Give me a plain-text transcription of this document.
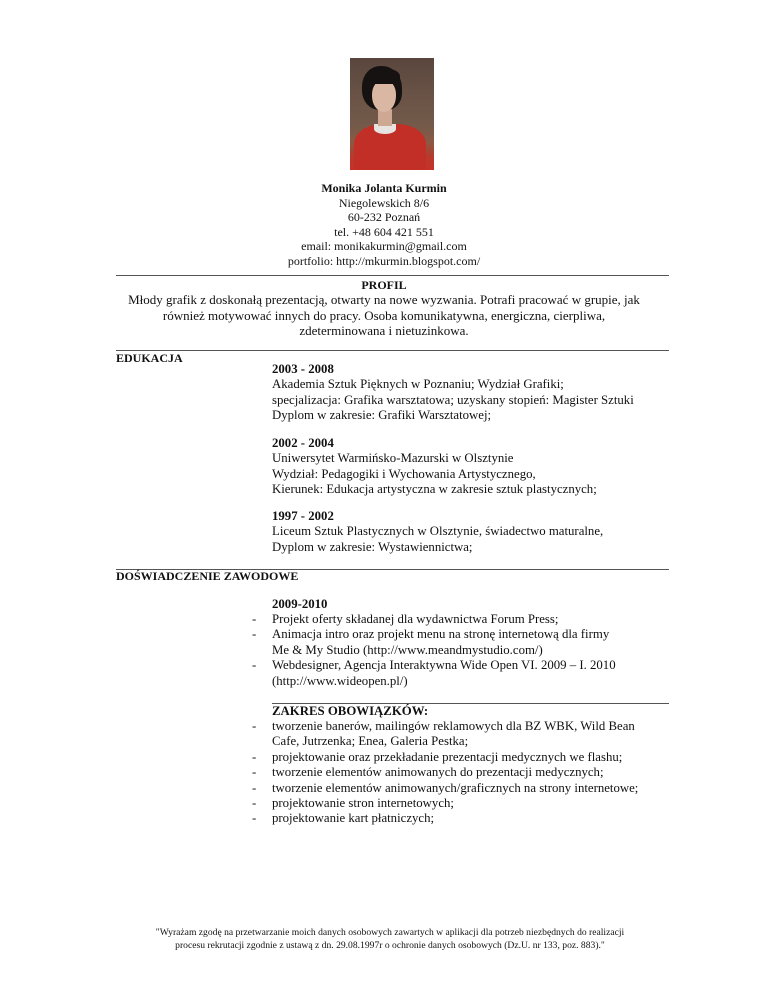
Monika Jolanta Kurmin
Niegolewskich 8/6
60-232 Poznań
tel. +48 604 421 551
email: monikakurmin@gmail.com
portfolio: http://mkurmin.blogspot.com/
PROFIL
Młody grafik z doskonałą prezentacją, otwarty na nowe wyzwania. Potrafi pracować w grupie, jak
również motywować innych do pracy. Osoba komunikatywna, energiczna, cierpliwa,
zdeterminowana i nietuzinkowa.
EDUKACJA
2003 - 2008
Akademia Sztuk Pięknych w Poznaniu; Wydział Grafiki;
specjalizacja: Grafika warsztatowa; uzyskany stopień: Magister Sztuki
Dyplom w zakresie: Grafiki Warsztatowej;
2002 - 2004
Uniwersytet Warmińsko-Mazurski w Olsztynie
Wydział: Pedagogiki i Wychowania Artystycznego,
Kierunek: Edukacja artystyczna w zakresie sztuk plastycznych;
1997 - 2002
Liceum Sztuk Plastycznych w Olsztynie, świadectwo maturalne,
Dyplom w zakresie: Wystawiennictwa;
DOŚWIADCZENIE ZAWODOWE
2009-2010
-	Projekt oferty składanej dla wydawnictwa Forum Press;
-	Animacja intro oraz projekt menu na stronę internetową dla firmy
Me & My Studio (http://www.meandmystudio.com/)
-	Webdesigner, Agencja Interaktywna Wide Open VI. 2009 – I. 2010
(http://www.wideopen.pl/)
ZAKRES OBOWIĄZKÓW:
-	tworzenie banerów, mailingów reklamowych dla BZ WBK, Wild Bean
Cafe, Jutrzenka; Enea, Galeria Pestka;
-	projektowanie oraz przekładanie prezentacji medycznych we flashu;
-	tworzenie elementów animowanych do prezentacji medycznych;
-	tworzenie elementów animowanych/graficznych na strony internetowe;
-	projektowanie stron internetowych;
-	projektowanie kart płatniczych;
"Wyrażam zgodę na przetwarzanie moich danych osobowych zawartych w aplikacji dla potrzeb niezbędnych do realizacji
procesu rekrutacji zgodnie z ustawą z dn. 29.08.1997r o ochronie danych osobowych (Dz.U. nr 133, poz. 883)."
